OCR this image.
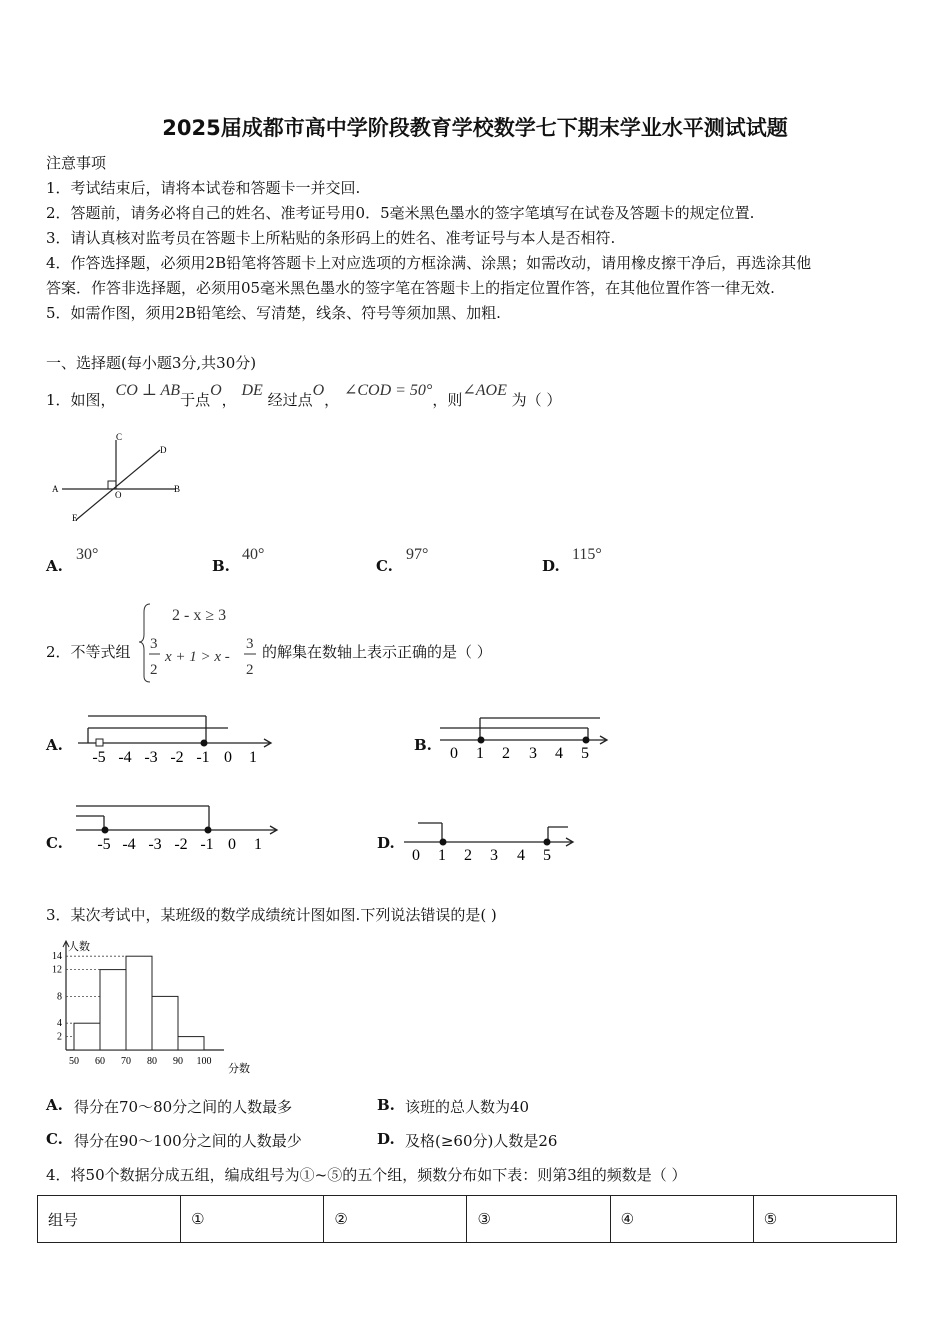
2025届成都市高中学阶段教育学校数学七下期末学业水平测试试题
注意事项
1．考试结束后，请将本试卷和答题卡一并交回.
2．答题前，请务必将自己的姓名、准考证号用0．5毫米黑色墨水的签字笔填写在试卷及答题卡的规定位置.
3．请认真核对监考员在答题卡上所粘贴的条形码上的姓名、准考证号与本人是否相符.
4．作答选择题，必须用2B铅笔将答题卡上对应选项的方框涂满、涂黑；如需改动，请用橡皮擦干净后，再选涂其他
答案．作答非选择题，必须用05毫米黑色墨水的签字笔在答题卡上的指定位置作答，在其他位置作答一律无效.
5．如需作图，须用2B铅笔绘、写清楚，线条、符号等须加黑、加粗.
一、选择题(每小题3分,共30分)
1．如图，CO ⊥ AB于点O， DE 经过点O， ∠COD = 50°，则∠AOE 为（ ）
C
D
A
O
B
E
A.
30°
B.
40°
C.
97°
D.
115°
2．不等式组
2 - x ≥ 3
3
2
x + 1 > x -
3
2
的解集在数轴上表示正确的是（ ）
A.
-5 -4 -3 -2 -1 0 1
B. 0 1 2 3 4 5
C. -5 -4 -3 -2 -1 0 1	D.
0 1 2 3 4 5
3．某次考试中，某班级的数学成绩统计图如图.下列说法错误的是( )
人数
分数
2
4
8
12
14
50 60 70 80 90 100
A. 得分在70～80分之间的人数最多	B. 该班的总人数为40
C. 得分在90～100分之间的人数最少	D. 及格(≥60分)人数是26
4．将50个数据分成五组，编成组号为①~⑤的五个组，频数分布如下表：则第3组的频数是（ ）
组号	①	②	③	④	⑤
